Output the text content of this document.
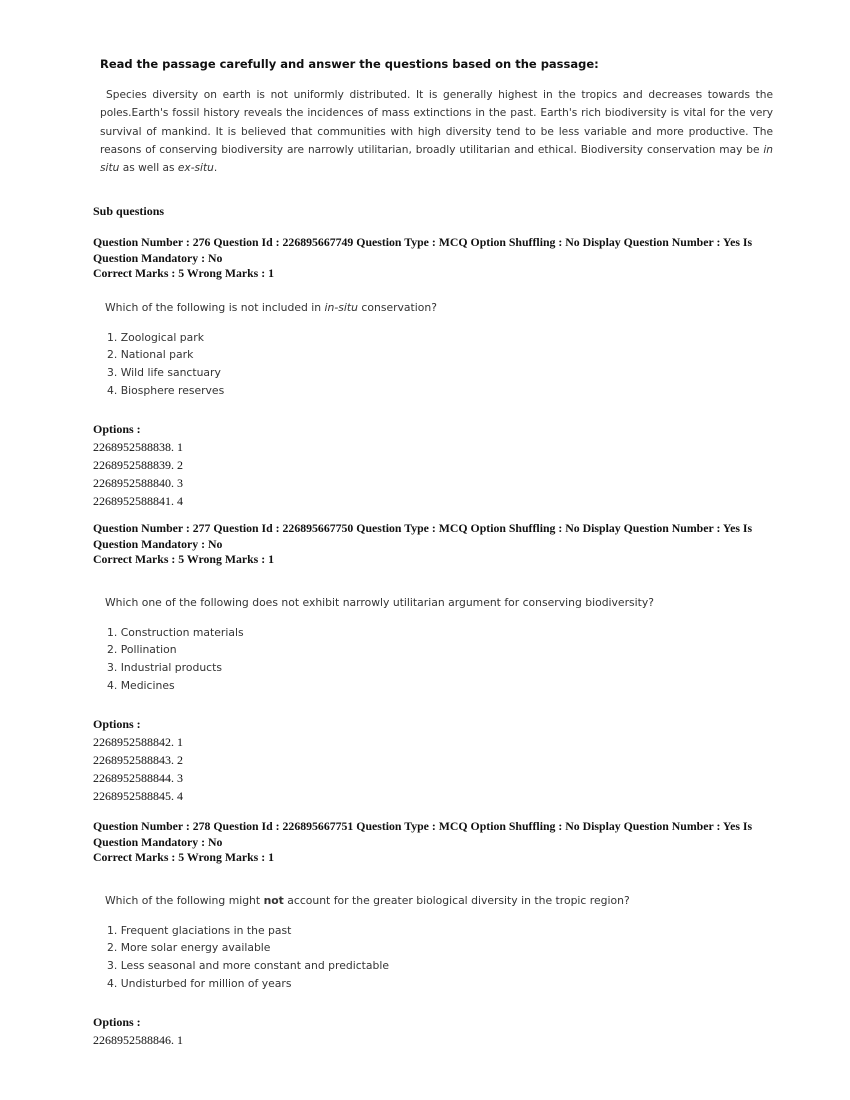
Read the passage carefully and answer the questions based on the passage:
Species diversity on earth is not uniformly distributed. It is generally highest in the tropics and decreases towards the poles.Earth's fossil history reveals the incidences of mass extinctions in the past. Earth's rich biodiversity is vital for the very survival of mankind. It is believed that communities with high diversity tend to be less variable and more productive. The reasons of conserving biodiversity are narrowly utilitarian, broadly utilitarian and ethical. Biodiversity conservation may be in situ as well as ex-situ.
Sub questions
Question Number : 276 Question Id : 226895667749 Question Type : MCQ Option Shuffling : No Display Question Number : Yes Is
Question Mandatory : No
Correct Marks : 5 Wrong Marks : 1
Which of the following is not included in in-situ conservation?
1. Zoological park
2. National park
3. Wild life sanctuary
4. Biosphere reserves
Options :
2268952588838. 1
2268952588839. 2
2268952588840. 3
2268952588841. 4
Question Number : 277 Question Id : 226895667750 Question Type : MCQ Option Shuffling : No Display Question Number : Yes Is
Question Mandatory : No
Correct Marks : 5 Wrong Marks : 1
Which one of the following does not exhibit narrowly utilitarian argument for conserving biodiversity?
1. Construction materials
2. Pollination
3. Industrial products
4. Medicines
Options :
2268952588842. 1
2268952588843. 2
2268952588844. 3
2268952588845. 4
Question Number : 278 Question Id : 226895667751 Question Type : MCQ Option Shuffling : No Display Question Number : Yes Is
Question Mandatory : No
Correct Marks : 5 Wrong Marks : 1
Which of the following might not account for the greater biological diversity in the tropic region?
1. Frequent glaciations in the past
2. More solar energy available
3. Less seasonal and more constant and predictable
4. Undisturbed for million of years
Options :
2268952588846. 1
